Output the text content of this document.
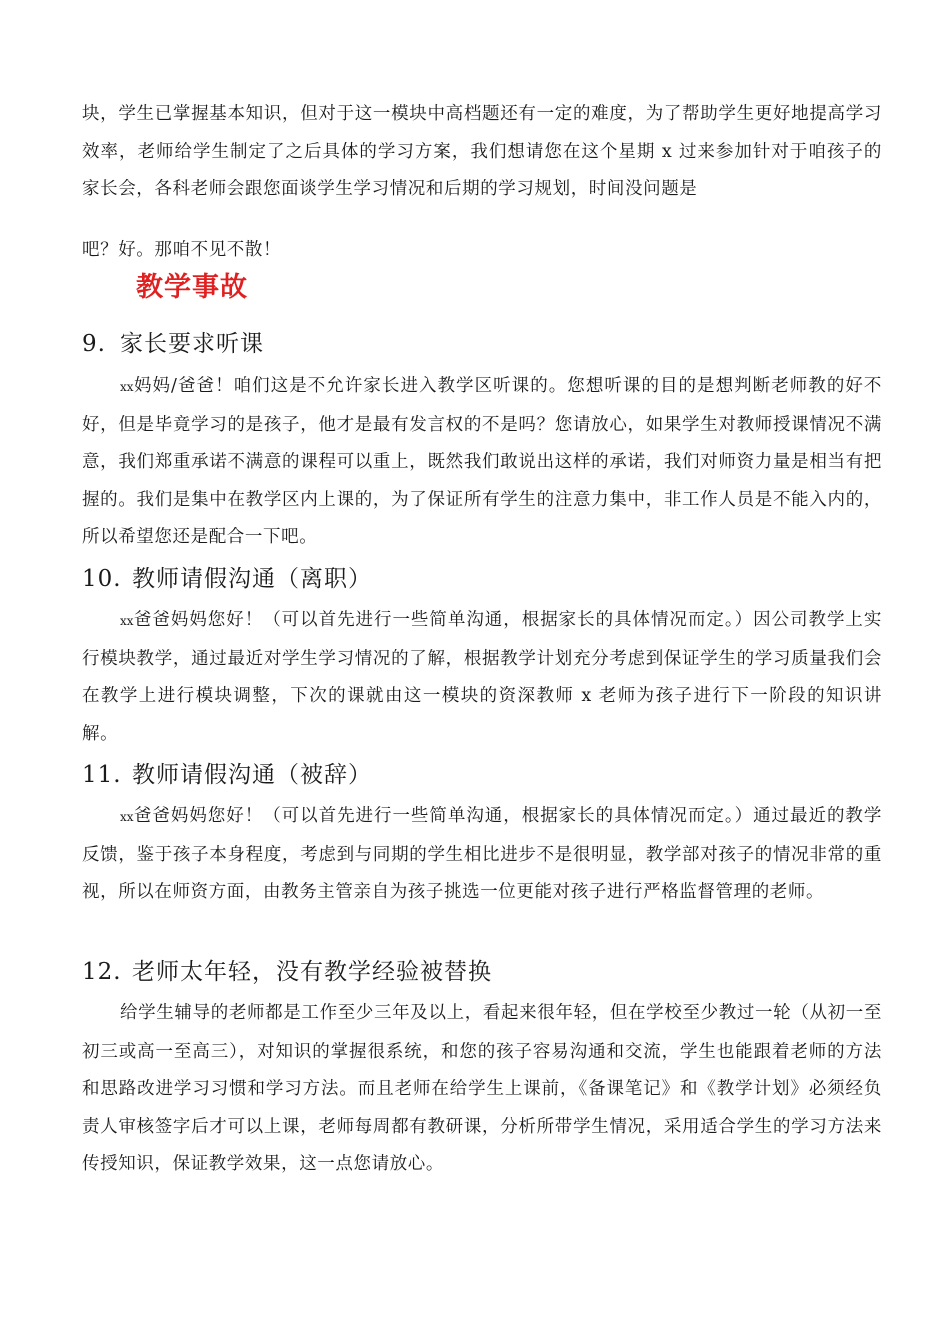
块，学生已掌握基本知识，但对于这一模块中高档题还有一定的难度，为了帮助学生更好地提高学习效率，老师给学生制定了之后具体的学习方案，我们想请您在这个星期 x 过来参加针对于咱孩子的家长会，各科老师会跟您面谈学生学习情况和后期的学习规划，时间没问题是

吧？好。那咱不见不散！

教学事故
9. 家长要求听课

xx妈妈/爸爸！咱们这是不允许家长进入教学区听课的。您想听课的目的是想判断老师教的好不好，但是毕竟学习的是孩子，他才是最有发言权的不是吗？您请放心，如果学生对教师授课情况不满意，我们郑重承诺不满意的课程可以重上，既然我们敢说出这样的承诺，我们对师资力量是相当有把握的。我们是集中在教学区内上课的，为了保证所有学生的注意力集中，非工作人员是不能入内的，所以希望您还是配合一下吧。

10. 教师请假沟通（离职）

xx爸爸妈妈您好！（可以首先进行一些简单沟通，根据家长的具体情况而定。）因公司教学上实行模块教学，通过最近对学生学习情况的了解，根据教学计划充分考虑到保证学生的学习质量我们会在教学上进行模块调整，下次的课就由这一模块的资深教师 x 老师为孩子进行下一阶段的知识讲解。

11. 教师请假沟通（被辞）

xx爸爸妈妈您好！（可以首先进行一些简单沟通，根据家长的具体情况而定。）通过最近的教学反馈，鉴于孩子本身程度，考虑到与同期的学生相比进步不是很明显，教学部对孩子的情况非常的重视，所以在师资方面，由教务主管亲自为孩子挑选一位更能对孩子进行严格监督管理的老师。

12. 老师太年轻，没有教学经验被替换

给学生辅导的老师都是工作至少三年及以上，看起来很年轻，但在学校至少教过一轮（从初一至初三或高一至高三），对知识的掌握很系统，和您的孩子容易沟通和交流，学生也能跟着老师的方法和思路改进学习习惯和学习方法。而且老师在给学生上课前，《备课笔记》和《教学计划》必须经负责人审核签字后才可以上课，老师每周都有教研课，分析所带学生情况，采用适合学生的学习方法来传授知识，保证教学效果，这一点您请放心。
